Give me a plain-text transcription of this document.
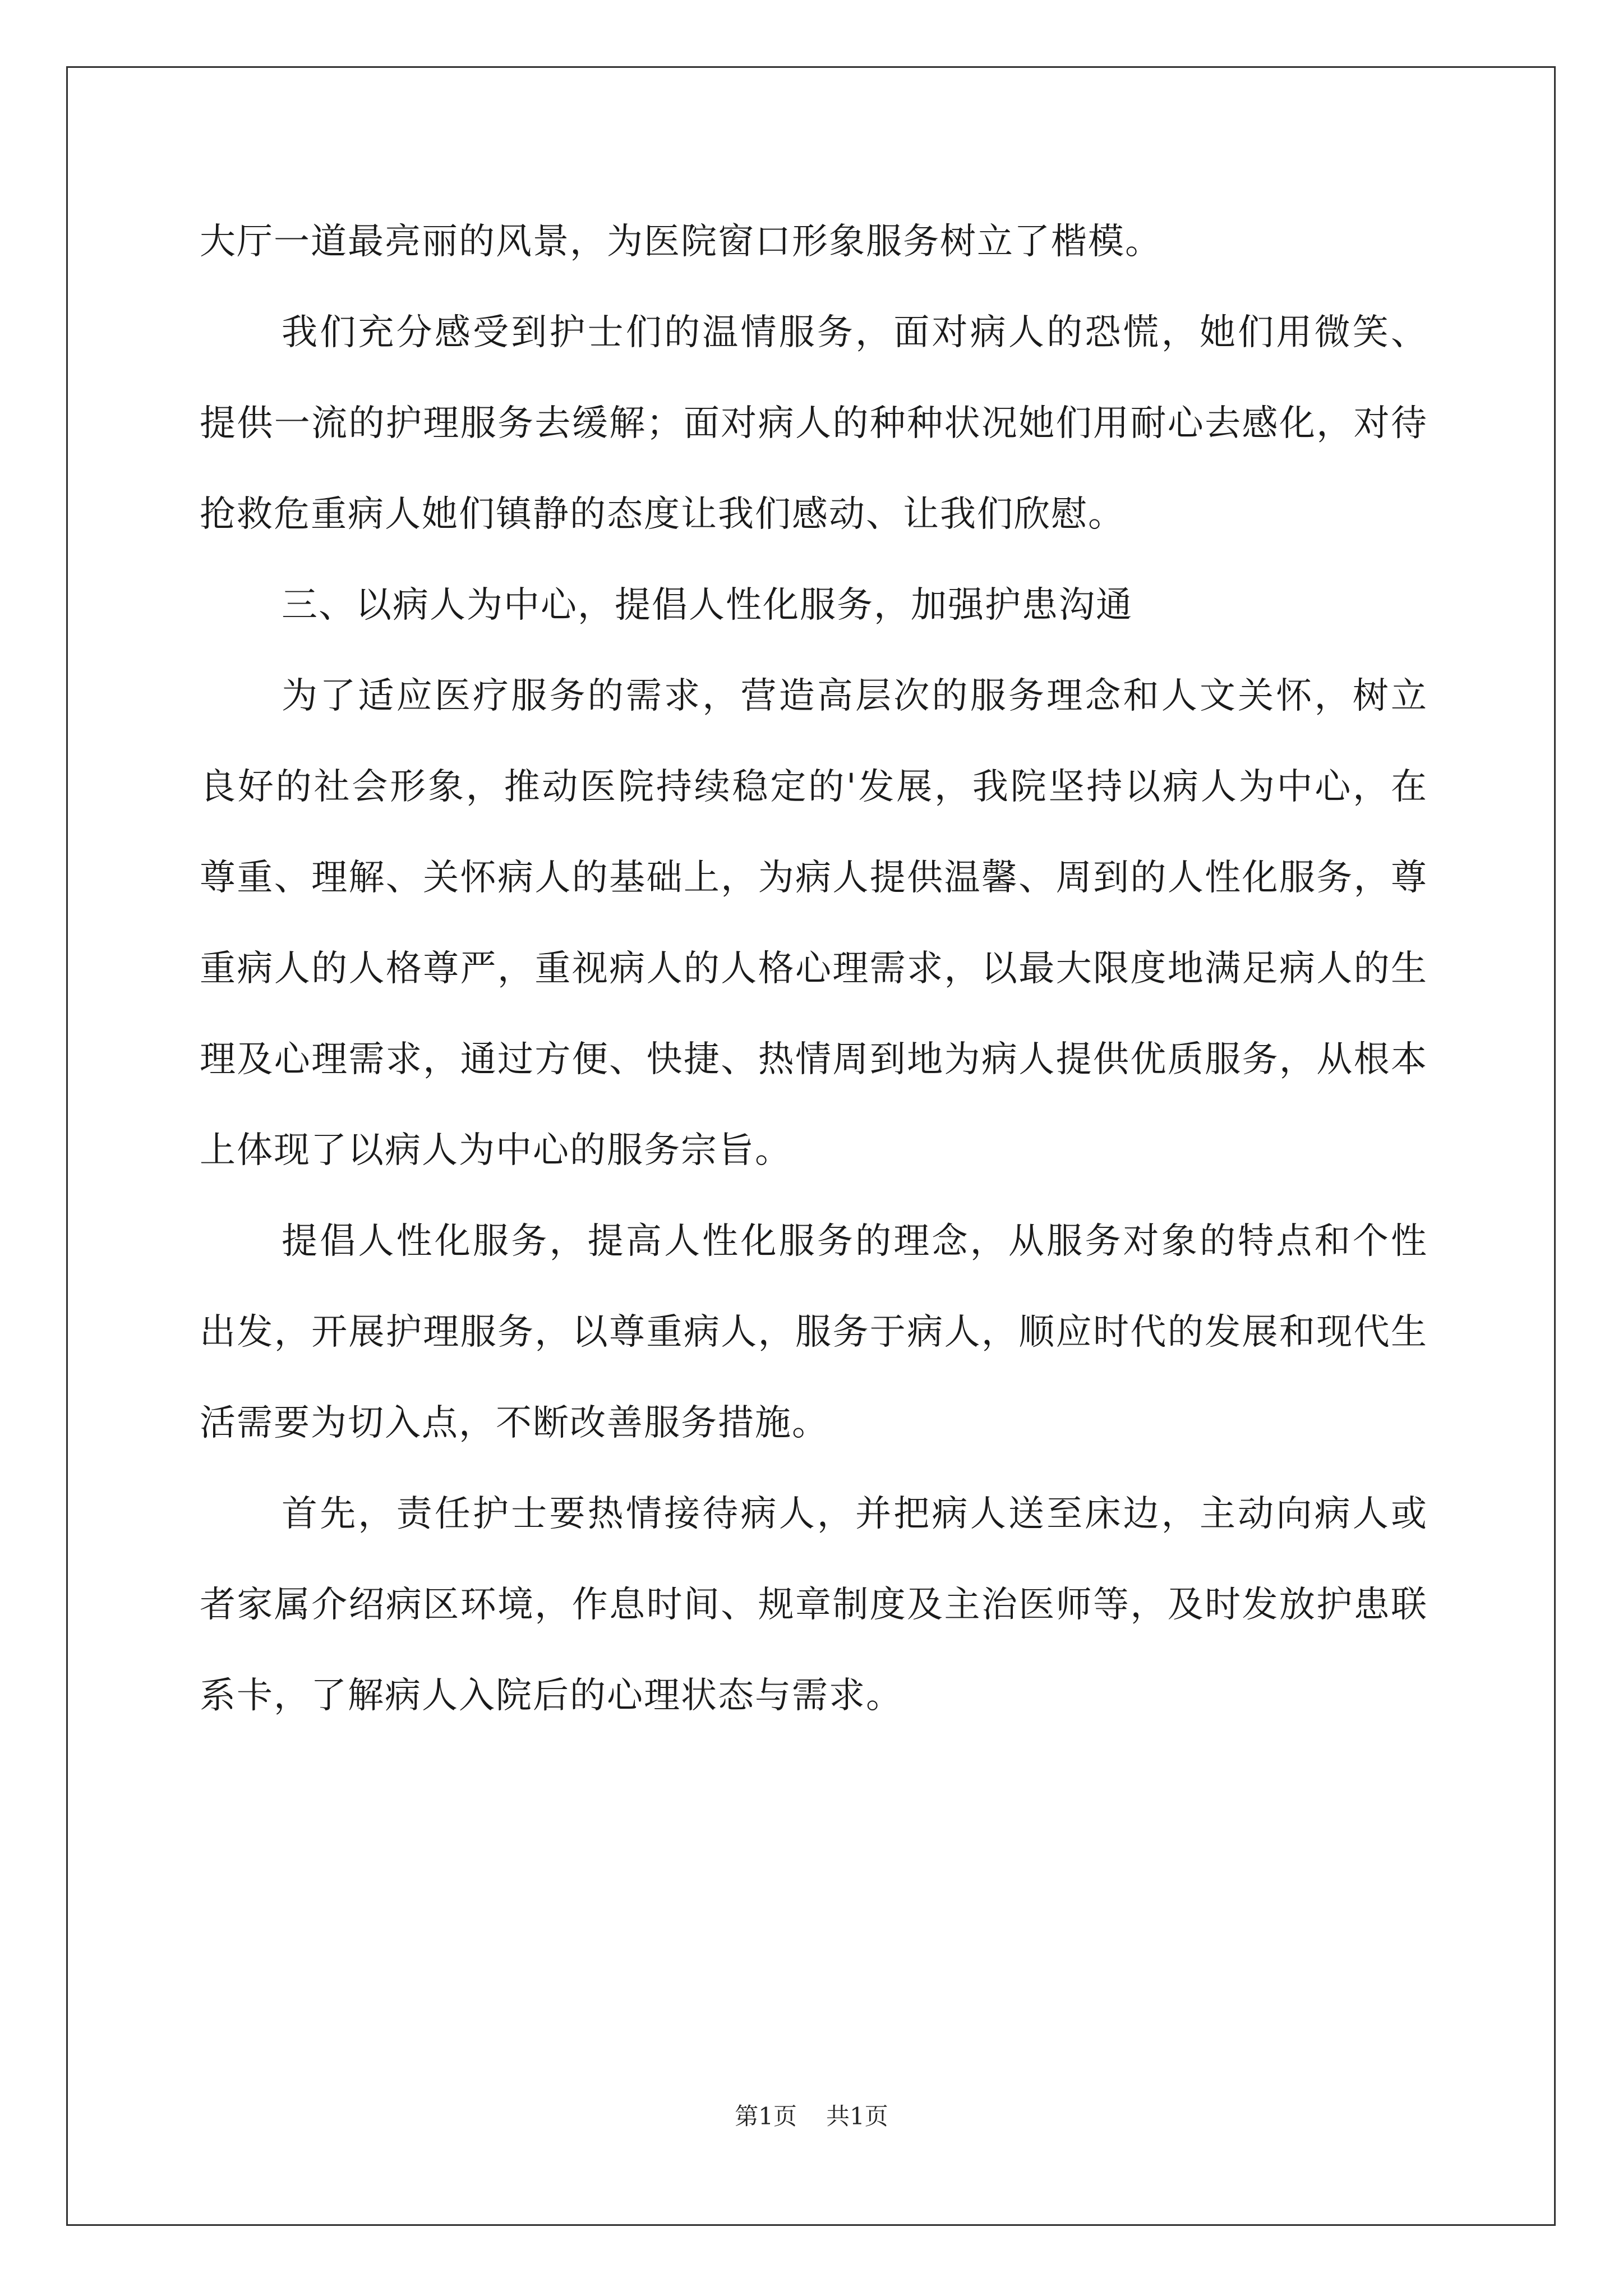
大厅一道最亮丽的风景，为医院窗口形象服务树立了楷模。

我们充分感受到护士们的温情服务，面对病人的恐慌，她们用微笑、提供一流的护理服务去缓解；面对病人的种种状况她们用耐心去感化，对待抢救危重病人她们镇静的态度让我们感动、让我们欣慰。

三、以病人为中心，提倡人性化服务，加强护患沟通

为了适应医疗服务的需求，营造高层次的服务理念和人文关怀，树立良好的社会形象，推动医院持续稳定的'发展，我院坚持以病人为中心，在尊重、理解、关怀病人的基础上，为病人提供温馨、周到的人性化服务，尊重病人的人格尊严，重视病人的人格心理需求，以最大限度地满足病人的生理及心理需求，通过方便、快捷、热情周到地为病人提供优质服务，从根本上体现了以病人为中心的服务宗旨。

提倡人性化服务，提高人性化服务的理念，从服务对象的特点和个性出发，开展护理服务，以尊重病人，服务于病人，顺应时代的发展和现代生活需要为切入点，不断改善服务措施。

首先，责任护士要热情接待病人，并把病人送至床边，主动向病人或者家属介绍病区环境，作息时间、规章制度及主治医师等，及时发放护患联系卡，了解病人入院后的心理状态与需求。

第1页 共1页
